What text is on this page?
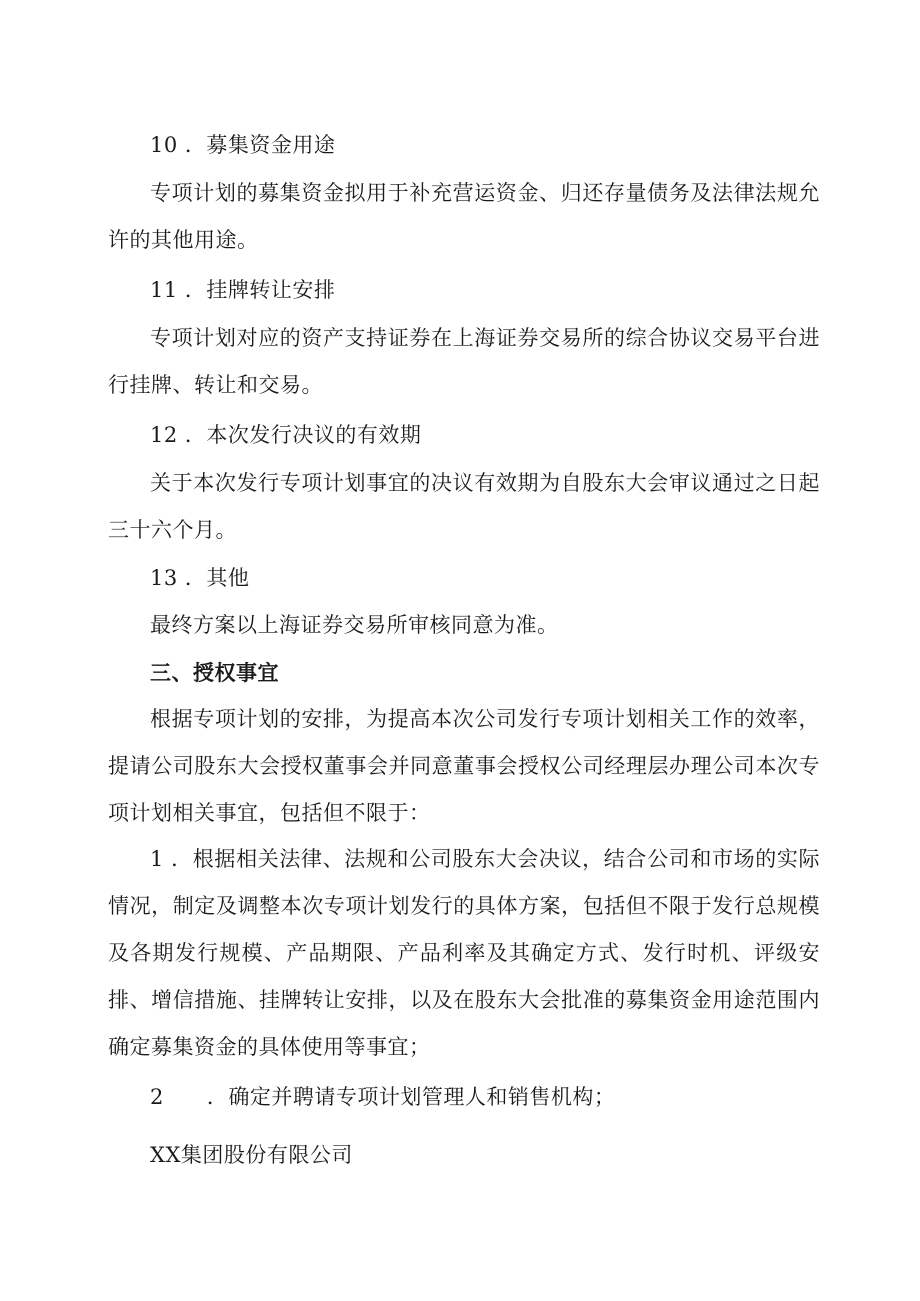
10 ．募集资金用途
专项计划的募集资金拟用于补充营运资金、归还存量债务及法律法规允许的其他用途。
11 ．挂牌转让安排
专项计划对应的资产支持证券在上海证券交易所的综合协议交易平台进行挂牌、转让和交易。
12 ．本次发行决议的有效期
关于本次发行专项计划事宜的决议有效期为自股东大会审议通过之日起三十六个月。
13 ．其他
最终方案以上海证券交易所审核同意为准。
三、授权事宜
根据专项计划的安排，为提高本次公司发行专项计划相关工作的效率，提请公司股东大会授权董事会并同意董事会授权公司经理层办理公司本次专项计划相关事宜，包括但不限于：
1 ．根据相关法律、法规和公司股东大会决议，结合公司和市场的实际情况，制定及调整本次专项计划发行的具体方案，包括但不限于发行总规模及各期发行规模、产品期限、产品利率及其确定方式、发行时机、评级安排、增信措施、挂牌转让安排，以及在股东大会批准的募集资金用途范围内确定募集资金的具体使用等事宜；
2　　．确定并聘请专项计划管理人和销售机构；
XX集团股份有限公司
